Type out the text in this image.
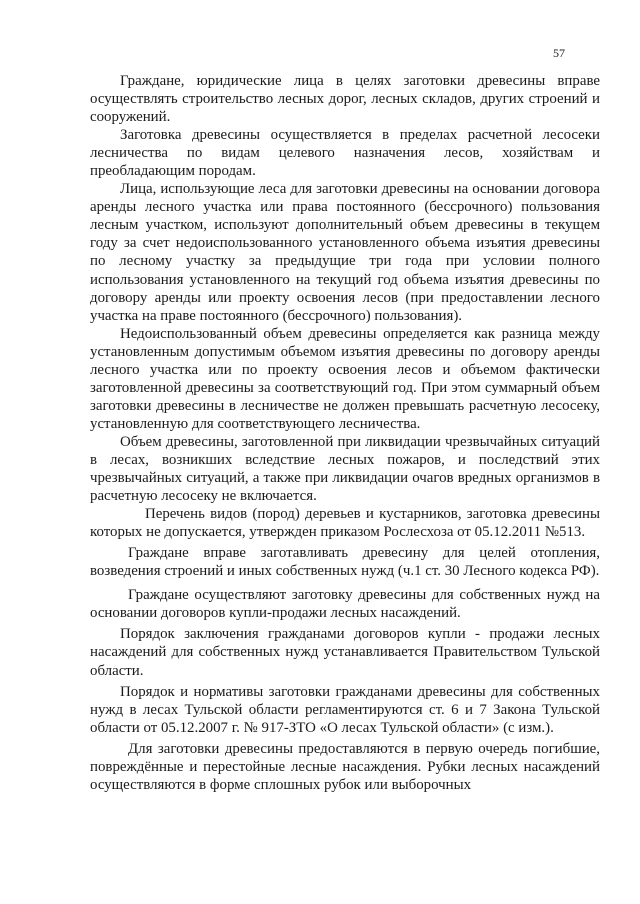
57

Граждане, юридические лица в целях заготовки древесины вправе осуществлять строительство лесных дорог, лесных складов, других строений и сооружений.

Заготовка древесины осуществляется в пределах расчетной лесосеки лесничества по видам целевого назначения лесов, хозяйствам и преобладающим породам.

Лица, использующие леса для заготовки древесины на основании договора аренды лесного участка или права постоянного (бессрочного) пользования лесным участком, используют дополнительный объем древесины в текущем году за счет недоиспользованного установленного объема изъятия древесины по лесному участку за предыдущие три года при условии полного использования установленного на текущий год объема изъятия древесины по договору аренды или проекту освоения лесов (при предоставлении лесного участка на праве постоянного (бессрочного) пользования).

Недоиспользованный объем древесины определяется как разница между установленным допустимым объемом изъятия древесины по договору аренды лесного участка или по проекту освоения лесов и объемом фактически заготовленной древесины за соответствующий год. При этом суммарный объем заготовки древесины в лесничестве не должен превышать расчетную лесосеку, установленную для соответствующего лесничества.

Объем древесины, заготовленной при ликвидации чрезвычайных ситуаций в лесах, возникших вследствие лесных пожаров, и последствий этих чрезвычайных ситуаций, а также при ликвидации очагов вредных организмов в расчетную лесосеку не включается.

Перечень видов (пород) деревьев и кустарников, заготовка древесины которых не допускается, утвержден приказом Рослесхоза от 05.12.2011 №513.

Граждане вправе заготавливать древесину для целей отопления, возведения строений и иных собственных нужд (ч.1 ст. 30 Лесного кодекса РФ).

Граждане осуществляют заготовку древесины для собственных нужд на основании договоров купли-продажи лесных насаждений.

Порядок заключения гражданами договоров купли - продажи лесных насаждений для собственных нужд устанавливается Правительством Тульской области.

Порядок и нормативы заготовки гражданами древесины для собственных нужд в лесах Тульской области регламентируются ст. 6 и 7 Закона Тульской области от 05.12.2007 г. № 917-ЗТО «О лесах Тульской области» (с изм.).

Для заготовки древесины предоставляются в первую очередь погибшие, повреждённые и перестойные лесные насаждения. Рубки лесных насаждений осуществляются в форме сплошных рубок или выборочных
